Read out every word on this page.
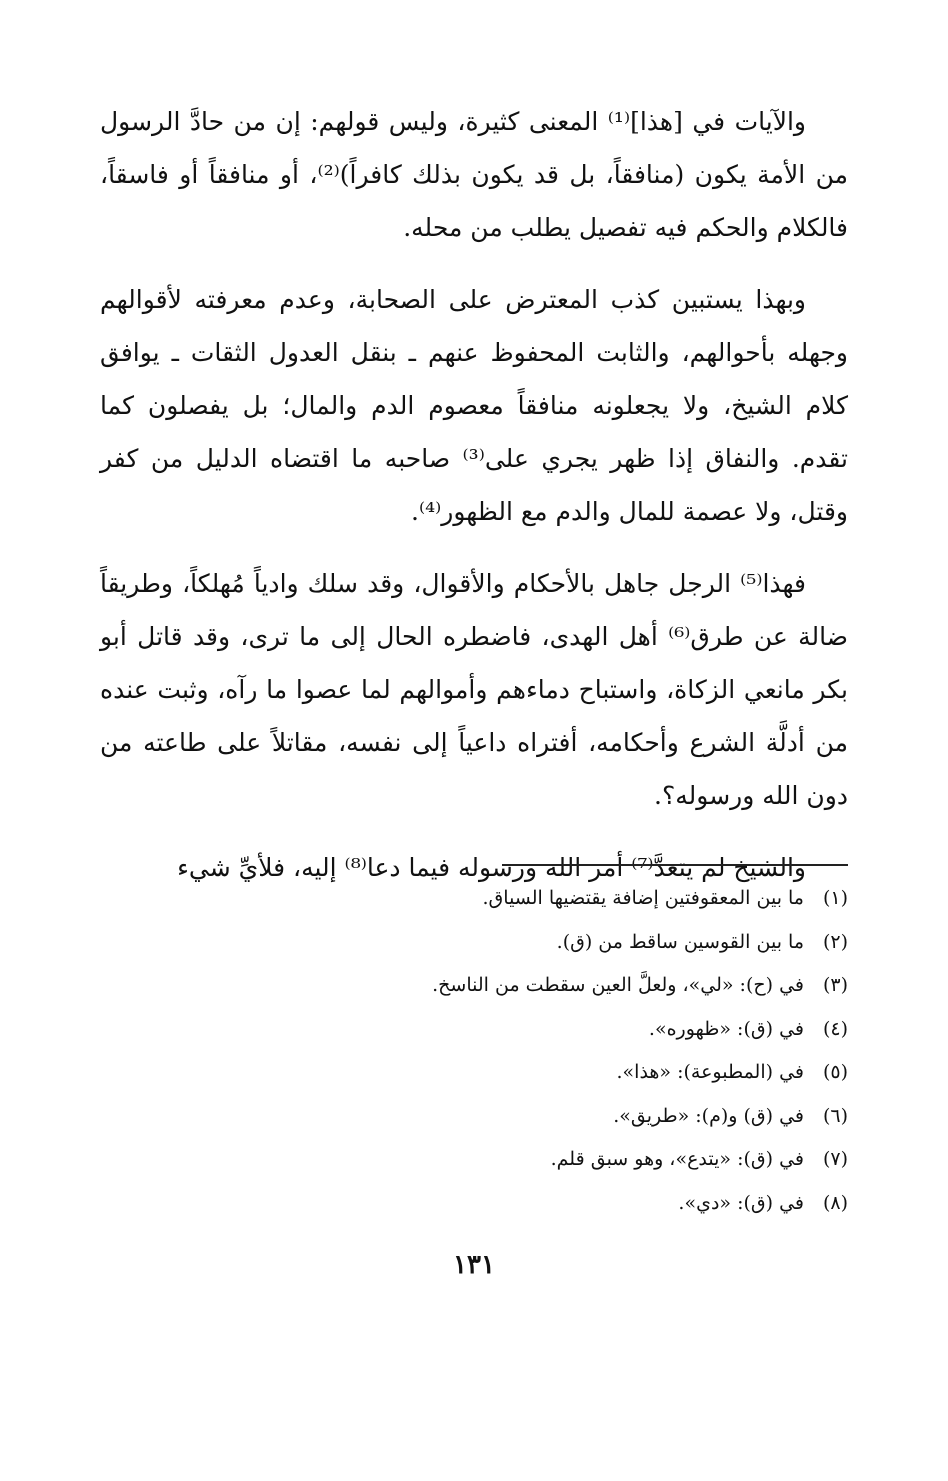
والآيات في [هذا]⁽¹⁾ المعنى كثيرة، وليس قولهم: إن من حادَّ الرسول من الأمة يكون (منافقاً، بل قد يكون بذلك كافراً)⁽²⁾، أو منافقاً أو فاسقاً، فالكلام والحكم فيه تفصيل يطلب من محله.

وبهذا يستبين كذب المعترض على الصحابة، وعدم معرفته لأقوالهم وجهله بأحوالهم، والثابت المحفوظ عنهم ـ بنقل العدول الثقات ـ يوافق كلام الشيخ، ولا يجعلونه منافقاً معصوم الدم والمال؛ بل يفصلون كما تقدم. والنفاق إذا ظهر يجري على⁽³⁾ صاحبه ما اقتضاه الدليل من كفر وقتل، ولا عصمة للمال والدم مع الظهور⁽⁴⁾.

فهذا⁽⁵⁾ الرجل جاهل بالأحكام والأقوال، وقد سلك وادياً مُهلكاً، وطريقاً ضالة عن طرق⁽⁶⁾ أهل الهدى، فاضطره الحال إلى ما ترى، وقد قاتل أبو بكر مانعي الزكاة، واستباح دماءهم وأموالهم لما عصوا ما رآه، وثبت عنده من أدلَّة الشرع وأحكامه، أفتراه داعياً إلى نفسه، مقاتلاً على طاعته من دون الله ورسوله؟.

والشيخ لم يتعدَّ⁽⁷⁾ أمر الله ورسوله فيما دعا⁽⁸⁾ إليه، فلأيِّ شيء

(١)
ما بين المعقوفتين إضافة يقتضيها السياق.
(٢)
ما بين القوسين ساقط من (ق).
(٣)
في (ح): «لي»، ولعلَّ العين سقطت من الناسخ.
(٤)
في (ق): «ظهوره».
(٥)
في (المطبوعة): «هذا».
(٦)
في (ق) و(م): «طريق».
(٧)
في (ق): «يتدع»، وهو سبق قلم.
(٨)
في (ق): «دي».
١٣١
